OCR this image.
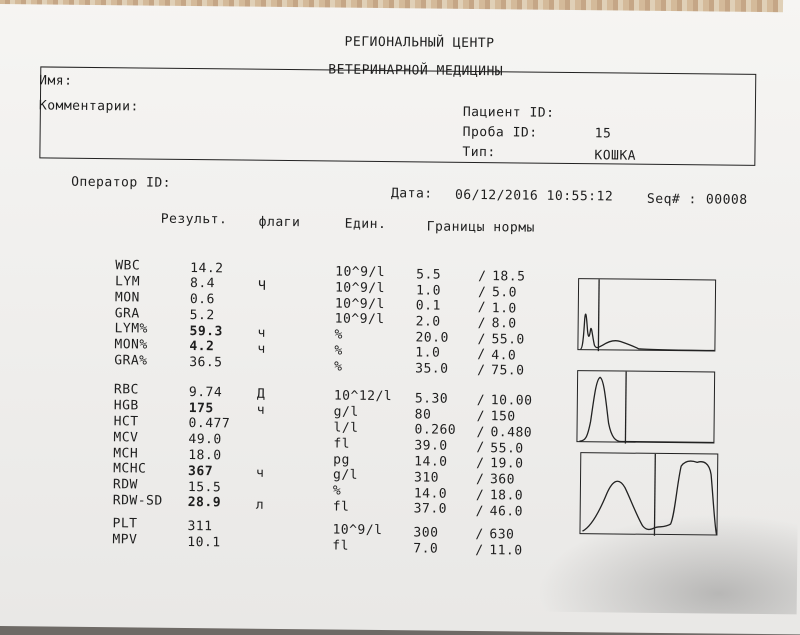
РЕГИОНАЛЬНЫЙ ЦЕНТР
ВЕТЕРИНАРНОЙ МЕДИЦИНЫ
Имя:
Комментарии:	Пациент ID:
Проба ID:	15
Тип:	КОШКА
Оператор ID:
Дата: 06/12/2016 10:55:12	Seq# : 00008
Результ. флаги	Един.	Границы нормы
WBC	14.2	10^9/l 5.5	/ 18.5
LYM	8.4	Ч	10^9/l 1.0	/ 5.0
MON	0.6	10^9/l 0.1	/ 1.0
GRA	5.2	10^9/l 2.0	/ 8.0
LYM%	59.3	ч	%	20.0 / 55.0
MON%	4.2	ч	%	1.0	/ 4.0
GRA%	36.5	%	35.0 / 75.0
RBC	9.74	Д	10^12/l 5.30 / 10.00
HGB	175	ч	g/l	80	/ 150
HCT	0.477	l/l	0.260 / 0.480
MCV	49.0	fl	39.0 / 55.0
MCH	18.0	pg	14.0 / 19.0
MCHC	367	ч	g/l	310	/ 360
RDW	15.5	%	14.0 / 18.0
RDW-SD 28.9	л	fl	37.0 / 46.0
PLT	311	10^9/l 300	/ 630
MPV	10.1	fl	7.0	/ 11.0
